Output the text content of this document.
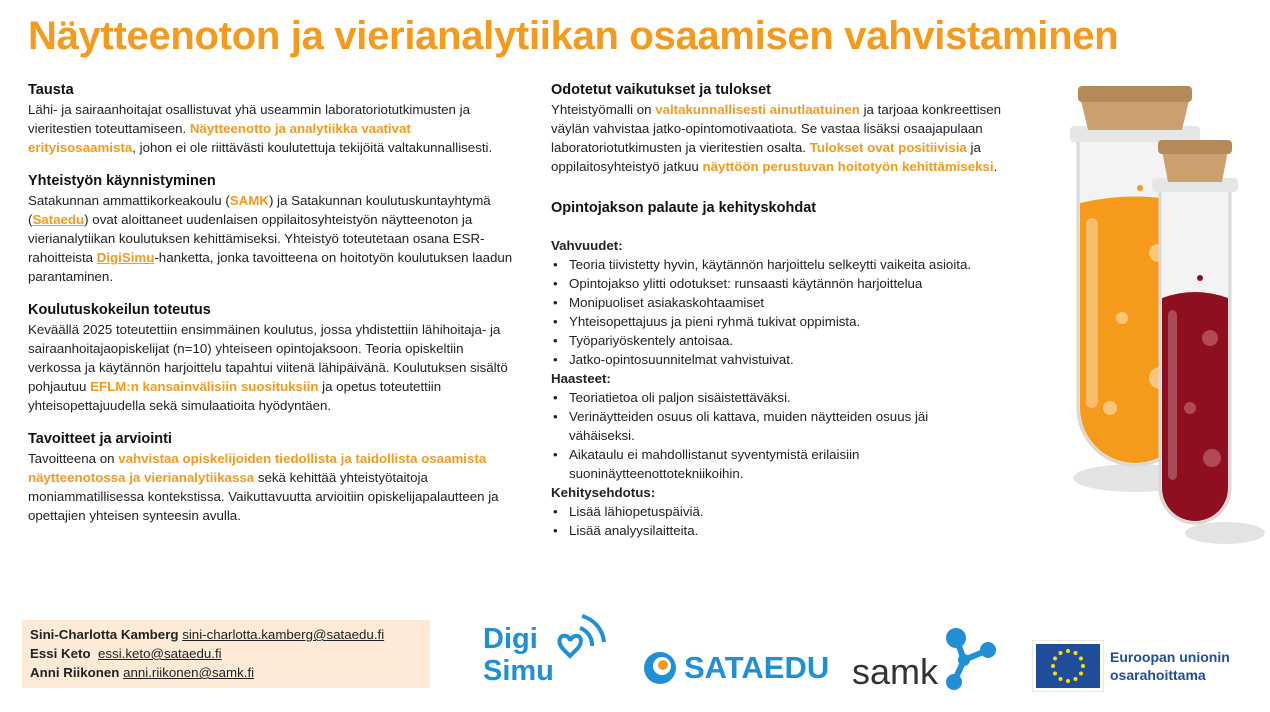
Näytteenoton ja vierianalytiikan osaamisen vahvistaminen
Tausta

Lähi- ja sairaanhoitajat osallistuvat yhä useammin laboratoriotutkimusten ja vieritestien toteuttamiseen. Näytteenotto ja analytiikka vaativat erityisosaamista, johon ei ole riittävästi koulutettuja tekijöitä valtakunnallisesti.

Yhteistyön käynnistyminen

Satakunnan ammattikorkeakoulu (SAMK) ja Satakunnan koulutuskuntayhtymä (Sataedu) ovat aloittaneet uudenlaisen oppilaitosyhteistyön näytteenoton ja vierianalytiikan koulutuksen kehittämiseksi. Yhteistyö toteutetaan osana ESR-rahoitteista DigiSimu-hanketta, jonka tavoitteena on hoitotyön koulutuksen laadun parantaminen.

Koulutuskokeilun toteutus

Keväällä 2025 toteutettiin ensimmäinen koulutus, jossa yhdistettiin lähihoitaja- ja sairaanhoitajaopiskelijat (n=10) yhteiseen opintojaksoon. Teoria opiskeltiin verkossa ja käytännön harjoittelu tapahtui viitenä lähipäivänä. Koulutuksen sisältö pohjautuu EFLM:n kansainvälisiin suosituksiin ja opetus toteutettiin yhteisopettajuudella sekä simulaatioita hyödyntäen.

Tavoitteet ja arviointi

Tavoitteena on vahvistaa opiskelijoiden tiedollista ja taidollista osaamista näytteenotossa ja vierianalytiikassa sekä kehittää yhteistyötaitoja moniammatillisessa kontekstissa. Vaikuttavuutta arvioitiin opiskelijapalautteen ja opettajien yhteisen synteesin avulla.

Odotetut vaikutukset ja tulokset

Yhteistyömalli on valtakunnallisesti ainutlaatuinen ja tarjoaa konkreettisen väylän vahvistaa jatko-opintomotivaatiota. Se vastaa lisäksi osaajapulaan laboratoriotutkimusten ja vieritestien osalta. Tulokset ovat positiivisia ja oppilaitosyhteistyö jatkuu näyttöön perustuvan hoitotyön kehittämiseksi.

Opintojakson palaute ja kehityskohdat

Vahvuudet:

• Teoria tiivistetty hyvin, käytännön harjoittelu selkeytti vaikeita asioita.
• Opintojakso ylitti odotukset: runsaasti käytännön harjoittelua
• Monipuoliset asiakaskohtaamiset
• Yhteisopettajuus ja pieni ryhmä tukivat oppimista.
• Työpariyöskentely antoisaa.
• Jatko-opintosuunnitelmat vahvistuivat.

Haasteet:

• Teoriatietoa oli paljon sisäistettäväksi.
• Verinäytteiden osuus oli kattava, muiden näytteiden osuus jäi vähäiseksi.
• Aikataulu ei mahdollistanut syventymistä erilaisiin suoninäytteenottotekniikoihin.

Kehitysehdotus:

• Lisää lähiopetuspäiviä.
• Lisää analyysilaitteita.
Sini-Charlotta Kamberg sini-charlotta.kamberg@sataedu.fi
Essi Keto essi.keto@sataedu.fi
Anni Riikonen anni.riikonen@samk.fi
Digi
Simu	SATAEDU samk	Euroopan unionin
osarahoittama
